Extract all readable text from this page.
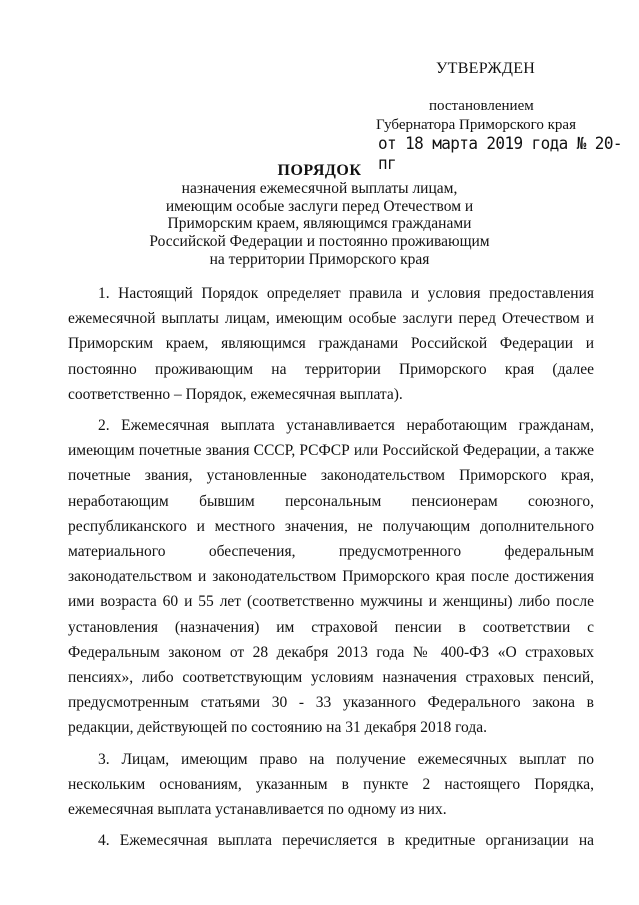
УТВЕРЖДЕН
постановлением
Губернатора Приморского края
от 18 марта 2019 года № 20-пг
ПОРЯДОК
назначения ежемесячной выплаты лицам,
имеющим особые заслуги перед Отечеством и
Приморским краем, являющимся гражданами
Российской Федерации и постоянно проживающим
на территории Приморского края

1. Настоящий Порядок определяет правила и условия предоставления ежемесячной выплаты лицам, имеющим особые заслуги перед Отечеством и Приморским краем, являющимся гражданами Российской Федерации и постоянно проживающим на территории Приморского края (далее соответственно – Порядок, ежемесячная выплата).

2. Ежемесячная выплата устанавливается неработающим гражданам, имеющим почетные звания СССР, РСФСР или Российской Федерации, а также почетные звания, установленные законодательством Приморского края, неработающим бывшим персональным пенсионерам союзного, республиканского и местного значения, не получающим дополнительного материального обеспечения, предусмотренного федеральным законодательством и законодательством Приморского края после достижения ими возраста 60 и 55 лет (соответственно мужчины и женщины) либо после установления (назначения) им страховой пенсии в соответствии с Федеральным законом от 28 декабря 2013 года № 400-ФЗ «О страховых пенсиях», либо соответствующим условиям назначения страховых пенсий, предусмотренным статьями 30 - 33 указанного Федерального закона в редакции, действующей по состоянию на 31 декабря 2018 года.

3. Лицам, имеющим право на получение ежемесячных выплат по нескольким основаниям, указанным в пункте 2 настоящего Порядка, ежемесячная выплата устанавливается по одному из них.

4. Ежемесячная выплата перечисляется в кредитные организации на
